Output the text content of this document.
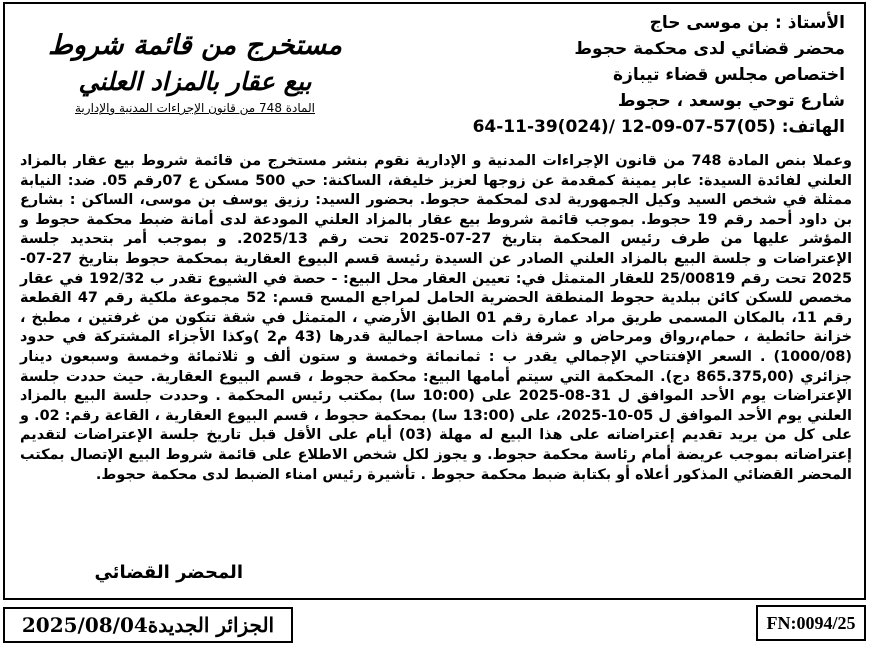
الأستاذ : بن موسى حاج
محضر قضائي لدى محكمة حجوط
اختصاص مجلس قضاء تيبازة
شارع توحي بوسعد ، حجوط
الهاتف: 64-11-39(024)/ 12-09-07-57(05)
مستخرج من قائمة شروط
بيع عقار بالمزاد العلني
المادة 748 من قانون الإجراءات المدنية والإدارية

وعملا بنص المادة 748 من قانون الإجراءات المدنية و الإدارية نقوم بنشر مستخرج من قائمة شروط بيع عقار بالمزاد العلني لفائدة السيدة: عابر يمينة كمقدمة عن زوجها لعزيز خليفة، الساكنة: حي 500 مسكن ع 07رقم 05. ضد: النيابة ممثلة في شخص السيد وكيل الجمهورية لدى لمحكمة حجوط. بحضور السيد: رزيق يوسف بن موسى، الساكن : بشارع بن داود أحمد رقم 19 حجوط. بموجب قائمة شروط بيع عقار بالمزاد العلني المودعة لدى أمانة ضبط محكمة حجوط و المؤشر عليها من طرف رئيس المحكمة بتاريخ 27-07-2025 تحت رقم 2025/13. و بموجب أمر بتحديد جلسة الإعتراضات و جلسة البيع بالمزاد العلني الصادر عن السيدة رئيسة قسم البيوع العقارية بمحكمة حجوط بتاريخ 27-07-2025 تحت رقم 25/00819 للعقار المتمثل في: تعيين العقار محل البيع: - حصة في الشيوع تقدر ب 192/32 في عقار مخصص للسكن كائن ببلدية حجوط المنطقة الحضرية الحامل لمراجع المسح قسم: 52 مجموعة ملكية رقم 47 القطعة رقم 11، بالمكان المسمى طريق مراد عمارة رقم 01 الطابق الأرضي ، المتمثل في شقة تتكون من غرفتين ، مطبخ ، خزانة حائطية ، حمام،رواق ومرحاض و شرفة ذات مساحة اجمالية قدرها (43 م2 )وكذا الأجزاء المشتركة في حدود (1000/08) . السعر الإفتتاحي الإجمالي يقدر ب : ثمانمائة وخمسة و ستون ألف و ثلاثمائة وخمسة وسبعون دينار جزائري (865.375,00 دج). المحكمة التي سيتم أمامها البيع: محكمة حجوط ، قسم البيوع العقارية. حيث حددت جلسة الإعتراضات يوم الأحد الموافق ل 31-08-2025 على (10:00 سا) بمكتب رئيس المحكمة . وحددت جلسة البيع بالمزاد العلني يوم الأحد الموافق ل 05-10-2025، على (13:00 سا) بمحكمة حجوط ، قسم البيوع العقارية ، القاعة رقم: 02. و على كل من يريد تقديم إعتراضاته على هذا البيع له مهلة (03) أيام على الأقل قبل تاريخ جلسة الإعتراضات لتقديم إعتراضاته بموجب عريضة أمام رئاسة محكمة حجوط. و يجوز لكل شخص الاطلاع على قائمة شروط البيع الإتصال بمكتب المحضر القضائي المذكور أعلاه أو بكتابة ضبط محكمة حجوط . تأشيرة رئيس امناء الضبط لدى محكمة حجوط.

المحضر القضائي
الجزائر الجديدة2025/08/04	FN:0094/25
